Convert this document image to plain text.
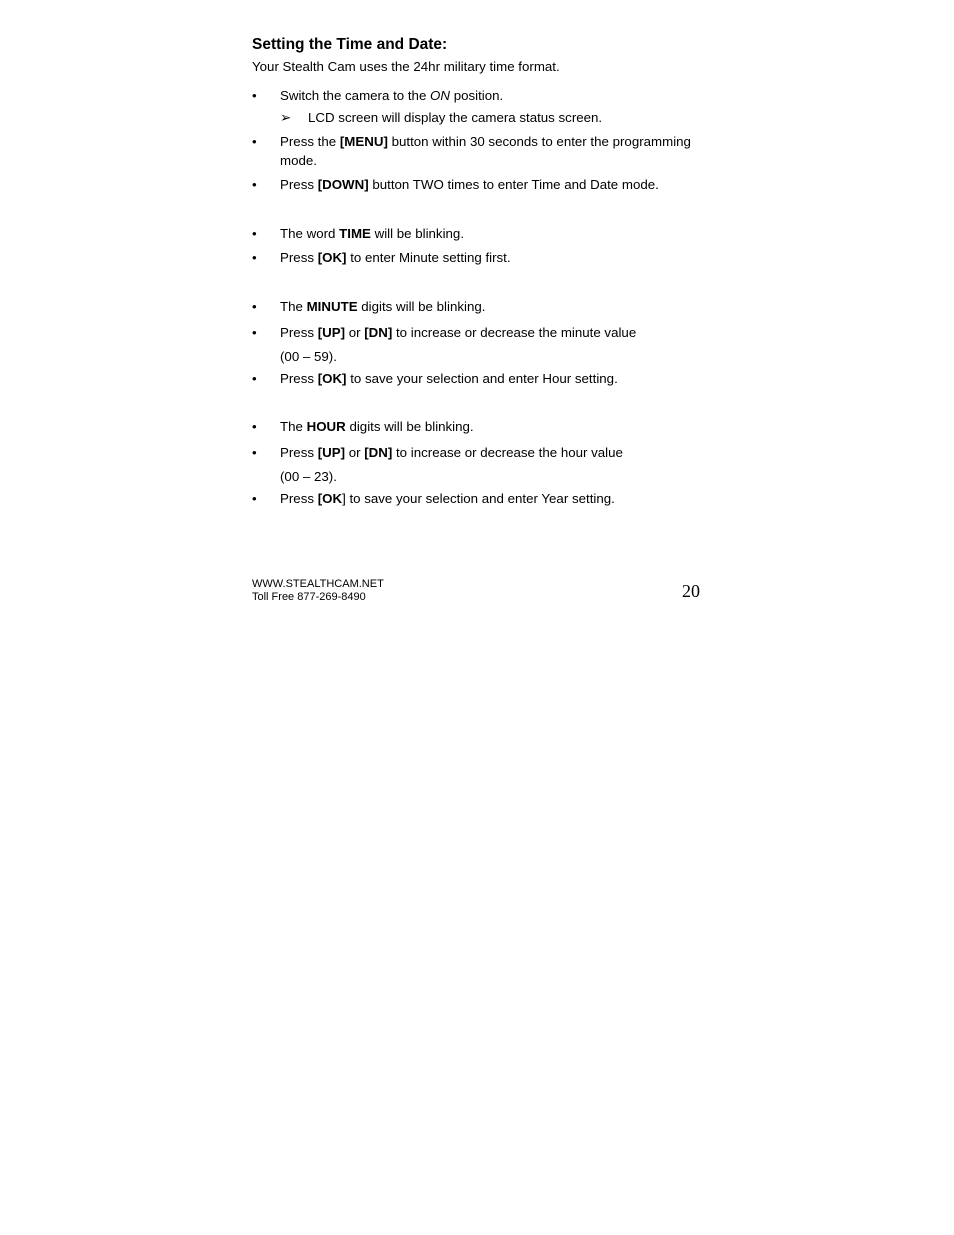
Setting the Time and Date:

Your Stealth Cam uses the 24hr military time format.

•	Switch the camera to the ON position.
➢ LCD screen will display the camera status screen.
•	Press the [MENU] button within 30 seconds to enter the programming mode.
•	Press [DOWN] button TWO times to enter Time and Date mode.
•	The word TIME will be blinking.
•	Press [OK] to enter Minute setting first.
•	The MINUTE digits will be blinking.
•	Press [UP] or [DN] to increase or decrease the minute value
(00 – 59).
•	Press [OK] to save your selection and enter Hour setting.
•	The HOUR digits will be blinking.
•	Press [UP] or [DN] to increase or decrease the hour value
(00 – 23).
•	Press [OK] to save your selection and enter Year setting.
WWW.STEALTHCAM.NET
Toll Free 877-269-8490	20
